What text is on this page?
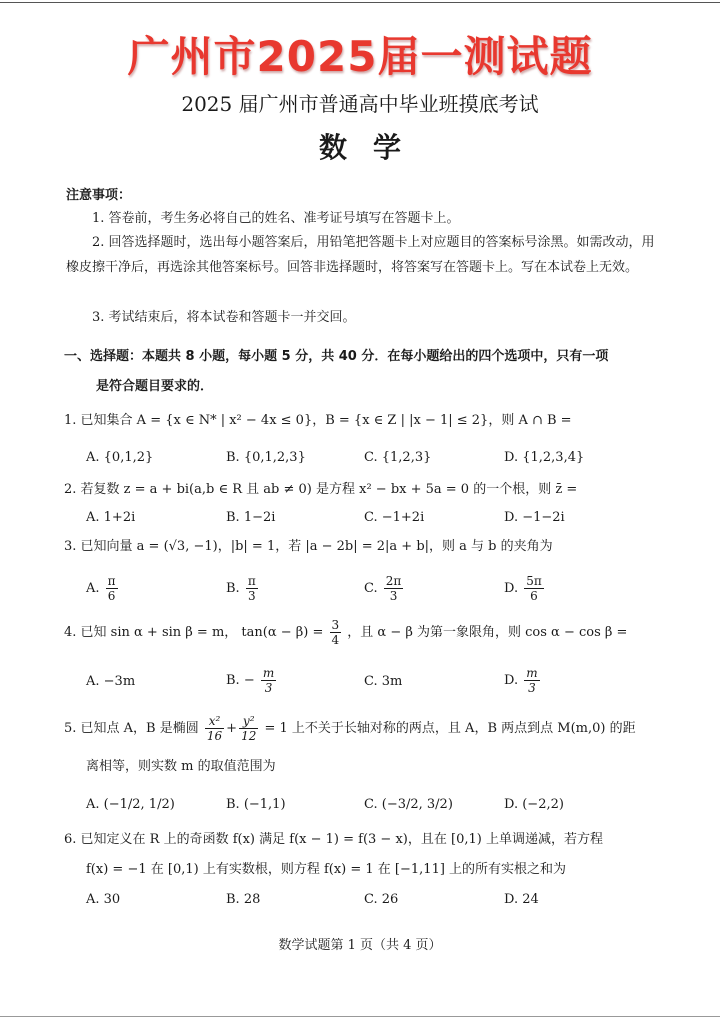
广州市2025届一测试题
2025 届广州市普通高中毕业班摸底考试
数学
注意事项：
1. 答卷前，考生务必将自己的姓名、准考证号填写在答题卡上。
2. 回答选择题时，选出每小题答案后，用铅笔把答题卡上对应题目的答案标号涂黑。如需改动，用橡皮擦干净后，再选涂其他答案标号。回答非选择题时，将答案写在答题卡上。写在本试卷上无效。
3. 考试结束后，将本试卷和答题卡一并交回。
一、选择题：本题共 8 小题，每小题 5 分，共 40 分．在每小题给出的四个选项中，只有一项
是符合题目要求的．
1. 已知集合 A = {x ∈ N* | x² − 4x ≤ 0}，B = {x ∈ Z | |x − 1| ≤ 2}，则 A ∩ B =
A. {0,1,2}	B. {0,1,2,3}	C. {1,2,3}	D. {1,2,3,4}
2. 若复数 z = a + bi(a,b ∈ R 且 ab ≠ 0) 是方程 x² − bx + 5a = 0 的一个根，则 z̄ =
A. 1+2i	B. 1−2i	C. −1+2i	D. −1−2i
3. 已知向量 a = (√3, −1)，|b| = 1，若 |a − 2b| = 2|a + b|，则 a 与 b 的夹角为
A. $\frac{\pi}{6}$	B. $\frac{\pi}{3}$	C. $\frac{2\pi}{3}$	D. $\frac{5\pi}{6}$
4. 已知 sin α + sin β = m， $\tan(\alpha - \beta) = \frac{3}{4}$ ，且 α − β 为第一象限角，则 cos α − cos β =
A. −3m	B. − $\frac{m}{3}$	C. 3m	D. $\frac{m}{3}$
5. 已知点 A，B 是椭圆 $\frac{\text{x²}}{16} + \frac{\text{y²}}{12} = 1$ 上不关于长轴对称的两点，且 A，B 两点到点 M(m,0) 的距
离相等，则实数 m 的取值范围为
A. (−1/2, 1/2)	B. (−1,1)	C. (−3/2, 3/2)	D. (−2,2)
6. 已知定义在 R 上的奇函数 f(x) 满足 f(x − 1) = f(3 − x)，且在 [0,1) 上单调递减，若方程
f(x) = −1 在 [0,1) 上有实数根，则方程 f(x) = 1 在 [−1,11] 上的所有实根之和为
A. 30	B. 28	C. 26	D. 24
数学试题第 1 页（共 4 页）
